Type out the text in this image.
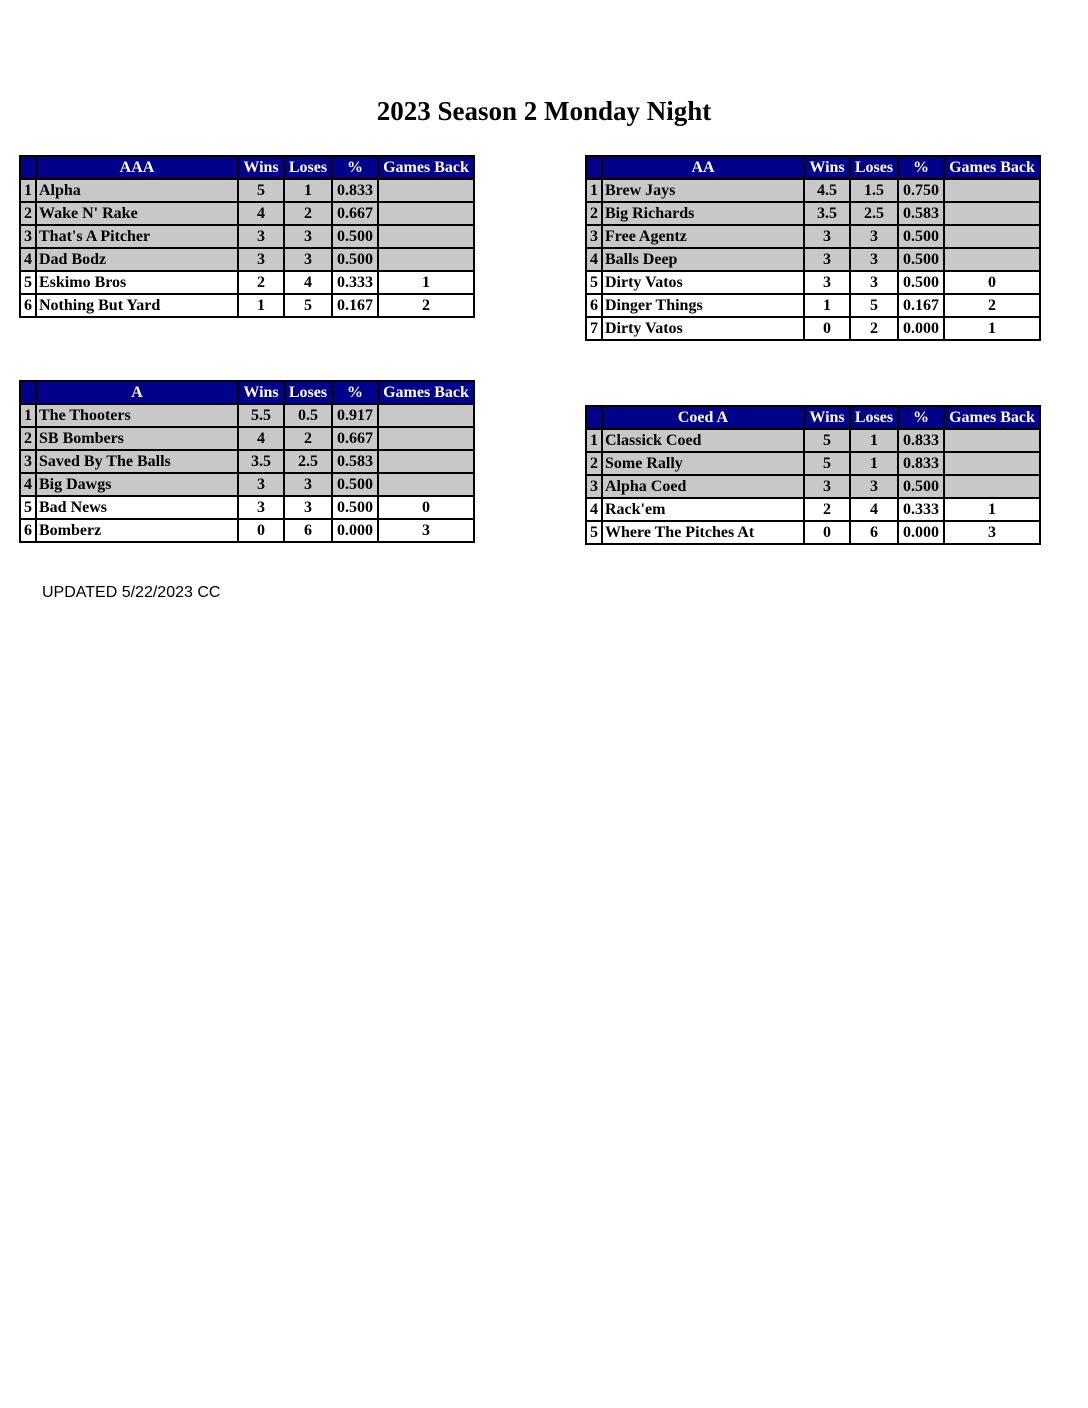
2023 Season 2 Monday Night
	AAA	Wins	Loses	%	Games Back
1	Alpha	5	1	0.833	
2	Wake N' Rake	4	2	0.667	
3	That's A Pitcher	3	3	0.500	
4	Dad Bodz	3	3	0.500	
5	Eskimo Bros	2	4	0.333	1
6	Nothing But Yard	1	5	0.167	2
	AA	Wins	Loses	%	Games Back
1	Brew Jays	4.5	1.5	0.750	
2	Big Richards	3.5	2.5	0.583	
3	Free Agentz	3	3	0.500	
4	Balls Deep	3	3	0.500	
5	Dirty Vatos	3	3	0.500	0
6	Dinger Things	1	5	0.167	2
7	Dirty Vatos	0	2	0.000	1
	A	Wins	Loses	%	Games Back
1	The Thooters	5.5	0.5	0.917	
2	SB Bombers	4	2	0.667	
3	Saved By The Balls	3.5	2.5	0.583	
4	Big Dawgs	3	3	0.500	
5	Bad News	3	3	0.500	0
6	Bomberz	0	6	0.000	3
	Coed A	Wins	Loses	%	Games Back
1	Classick Coed	5	1	0.833	
2	Some Rally	5	1	0.833	
3	Alpha Coed	3	3	0.500	
4	Rack'em	2	4	0.333	1
5	Where The Pitches At	0	6	0.000	3
UPDATED 5/22/2023 CC
